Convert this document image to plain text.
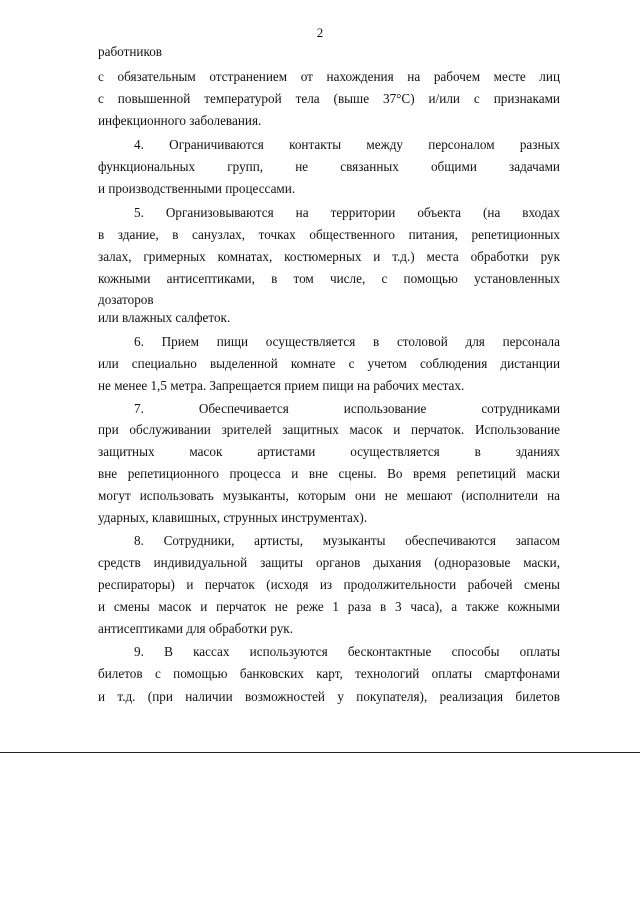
2
работников
с обязательным отстранением от нахождения на рабочем месте лиц
с повышенной температурой тела (выше 37°С) и/или с признаками
инфекционного заболевания.
4. Ограничиваются контакты между персоналом разных
функциональных групп, не связанных общими задачами
и производственными процессами.
5. Организовываются на территории объекта (на входах
в здание, в санузлах, точках общественного питания, репетиционных
залах, гримерных комнатах, костюмерных и т.д.) места обработки рук
кожными антисептиками, в том числе, с помощью установленных
дозаторов
или влажных салфеток.
6. Прием пищи осуществляется в столовой для персонала
или специально выделенной комнате с учетом соблюдения дистанции
не менее 1,5 метра. Запрещается прием пищи на рабочих местах.
7. Обеспечивается использование сотрудниками
при обслуживании зрителей защитных масок и перчаток. Использование
защитных масок артистами осуществляется в зданиях
вне репетиционного процесса и вне сцены. Во время репетиций маски
могут использовать музыканты, которым они не мешают (исполнители на
ударных, клавишных, струнных инструментах).
8. Сотрудники, артисты, музыканты обеспечиваются запасом
средств индивидуальной защиты органов дыхания (одноразовые маски,
респираторы) и перчаток (исходя из продолжительности рабочей смены
и смены масок и перчаток не реже 1 раза в 3 часа), а также кожными
антисептиками для обработки рук.
9. В кассах используются бесконтактные способы оплаты
билетов с помощью банковских карт, технологий оплаты смартфонами
и т.д. (при наличии возможностей у покупателя), реализация билетов
